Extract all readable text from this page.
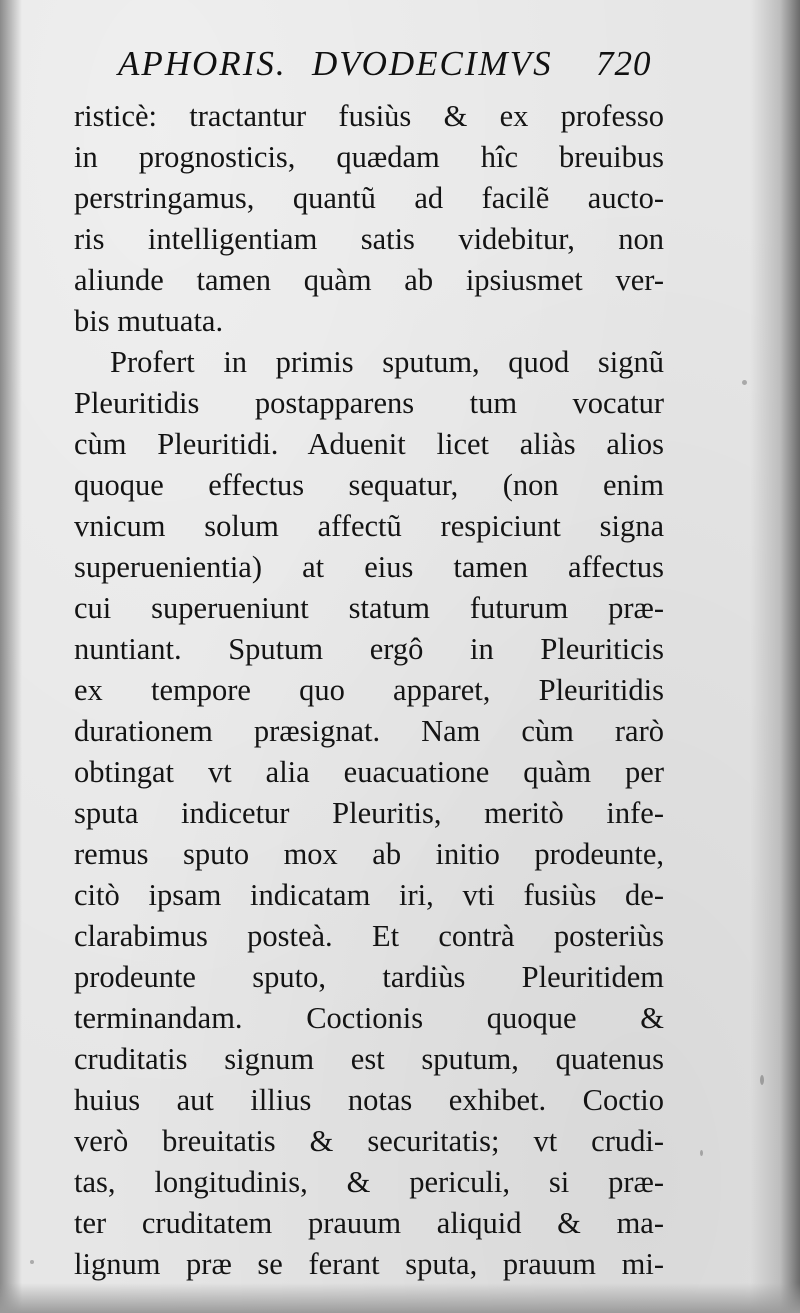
APHORIS. DVODECIMVS 720
risticè: tractantur fusiùs & ex professo
in prognosticis, quædam hîc breuibus
perstringamus, quantũ ad facilẽ aucto-
ris intelligentiam satis videbitur, non
aliunde tamen quàm ab ipsiusmet ver-
bis mutuata.
Profert in primis sputum, quod signũ
Pleuritidis postapparens tum vocatur
cùm Pleuritidi. Aduenit licet aliàs alios
quoque effectus sequatur, (non enim
vnicum solum affectũ respiciunt signa
superuenientia) at eius tamen affectus
cui superueniunt statum futurum præ-
nuntiant. Sputum ergô in Pleuriticis
ex tempore quo apparet, Pleuritidis
durationem præsignat. Nam cùm rarò
obtingat vt alia euacuatione quàm per
sputa indicetur Pleuritis, meritò infe-
remus sputo mox ab initio prodeunte,
citò ipsam indicatam iri, vti fusiùs de-
clarabimus posteà. Et contrà posteriùs
prodeunte sputo, tardiùs Pleuritidem
terminandam. Coctionis quoque &
cruditatis signum est sputum, quatenus
huius aut illius notas exhibet. Coctio
verò breuitatis & securitatis; vt crudi-
tas, longitudinis, & periculi, si præ-
ter cruditatem prauum aliquid & ma-
lignum præ se ferant sputa, prauum mi-
